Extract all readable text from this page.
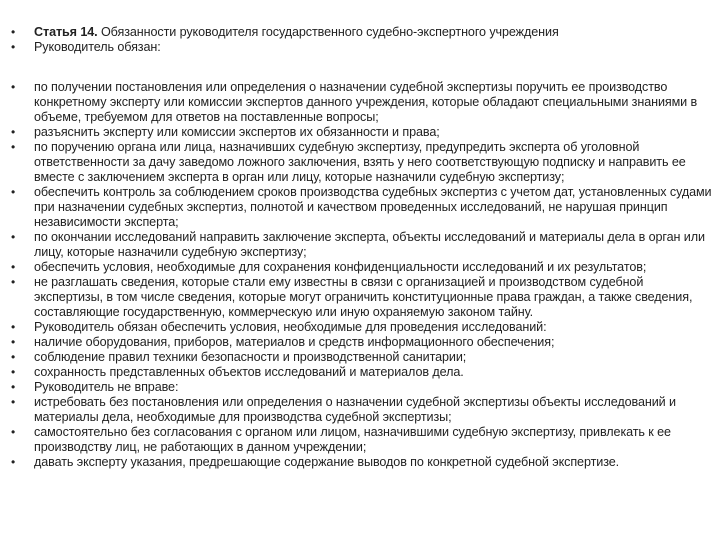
• Статья 14. Обязанности руководителя государственного судебно-экспертного учреждения
• Руководитель обязан:
• по получении постановления или определения о назначении судебной экспертизы поручить ее производство конкретному эксперту или комиссии экспертов данного учреждения, которые обладают специальными знаниями в объеме, требуемом для ответов на поставленные вопросы;
• разъяснить эксперту или комиссии экспертов их обязанности и права;
• по поручению органа или лица, назначивших судебную экспертизу, предупредить эксперта об уголовной ответственности за дачу заведомо ложного заключения, взять у него соответствующую подписку и направить ее вместе с заключением эксперта в орган или лицу, которые назначили судебную экспертизу;
• обеспечить контроль за соблюдением сроков производства судебных экспертиз с учетом дат, установленных судами при назначении судебных экспертиз, полнотой и качеством проведенных исследований, не нарушая принцип независимости эксперта;
• по окончании исследований направить заключение эксперта, объекты исследований и материалы дела в орган или лицу, которые назначили судебную экспертизу;
• обеспечить условия, необходимые для сохранения конфиденциальности исследований и их результатов;
• не разглашать сведения, которые стали ему известны в связи с организацией и производством судебной экспертизы, в том числе сведения, которые могут ограничить конституционные права граждан, а также сведения, составляющие государственную, коммерческую или иную охраняемую законом тайну.
• Руководитель обязан обеспечить условия, необходимые для проведения исследований:
• наличие оборудования, приборов, материалов и средств информационного обеспечения;
• соблюдение правил техники безопасности и производственной санитарии;
• сохранность представленных объектов исследований и материалов дела.
• Руководитель не вправе:
• истребовать без постановления или определения о назначении судебной экспертизы объекты исследований и материалы дела, необходимые для производства судебной экспертизы;
• самостоятельно без согласования с органом или лицом, назначившими судебную экспертизу, привлекать к ее производству лиц, не работающих в данном учреждении;
• давать эксперту указания, предрешающие содержание выводов по конкретной судебной экспертизе.
